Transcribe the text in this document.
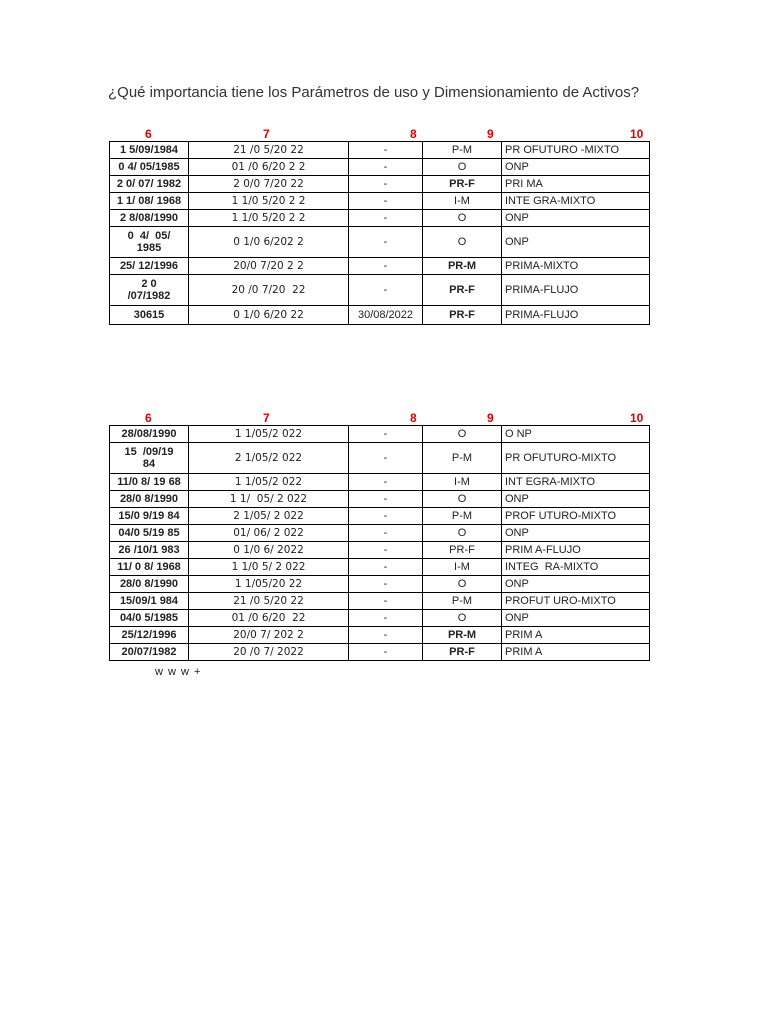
¿Qué importancia tiene los Parámetros de uso y Dimensionamiento de Activos?
6	7	8	9	10
1 5/09/1984	21 /0 5/20 22	-	P-M	PR OFUTURO -MIXTO
0 4/ 05/1985	01 /0 6/20 2 2	-	O	ONP
2 0/ 07/ 1982	2 0/0 7/20 22	-	PR-F	PRI MA
1 1/ 08/ 1968	1 1/0 5/20 2 2	-	I-M	INTE GRA-MIXTO
2 8/08/1990	1 1/0 5/20 2 2	-	O	ONP
0  4/  05/
1985	0 1/0 6/202 2	-	O	ONP
25/ 12/1996	20/0 7/20 2 2	-	PR-M	PRIMA-MIXTO
2 0
/07/1982	20 /0 7/20  22	-	PR-F	PRIMA-FLUJO
30615	0 1/0 6/20 22	30/08/2022	PR-F	PRIMA-FLUJO
6	7	8	9	10
28/08/1990	1 1/05/2 022	-	O	O NP
15  /09/19
84	2 1/05/2 022	-	P-M	PR OFUTURO-MIXTO
11/0 8/ 19 68	1 1/05/2 022	-	I-M	INT EGRA-MIXTO
28/0 8/1990	1 1/  05/ 2 022	-	O	ONP
15/0 9/19 84	2 1/05/ 2 022	-	P-M	PROF UTURO-MIXTO
04/0 5/19 85	01/ 06/ 2 022	-	O	ONP
26 /10/1 983	0 1/0 6/ 2022	-	PR-F	PRIM A-FLUJO
11/ 0 8/ 1968	1 1/0 5/ 2 022	-	I-M	INTEG  RA-MIXTO
28/0 8/1990	1 1/05/20 22	-	O	ONP
15/09/1 984	21 /0 5/20 22	-	P-M	PROFUT URO-MIXTO
04/0 5/1985	01 /0 6/20  22	-	O	ONP
25/12/1996	20/0 7/ 202 2	-	PR-M	PRIM A
20/07/1982	20 /0 7/ 2022	-	PR-F	PRIM A
w w w +
